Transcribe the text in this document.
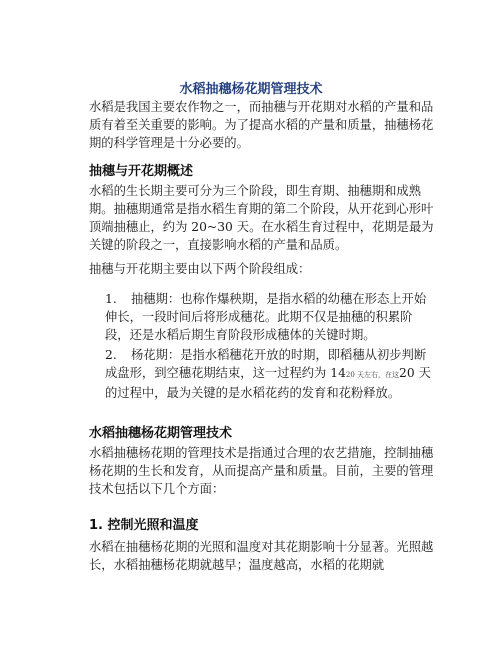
水稻抽穗杨花期管理技术

水稻是我国主要农作物之一，而抽穗与开花期对水稻的产量和品质有着至关重要的影响。为了提高水稻的产量和质量，抽穗杨花期的科学管理是十分必要的。

抽穗与开花期概述

水稻的生长期主要可分为三个阶段，即生育期、抽穗期和成熟期。抽穗期通常是指水稻生育期的第二个阶段，从开花到心形叶顶端抽穗止，约为 20~30 天。在水稻生育过程中，花期是最为关键的阶段之一，直接影响水稻的产量和品质。

抽穗与开花期主要由以下两个阶段组成：

1. 抽穗期：也称作爆秧期，是指水稻的幼穗在形态上开始伸长，一段时间后将形成穗花。此期不仅是抽穗的积累阶段，还是水稻后期生育阶段形成穗体的关键时期。
2. 杨花期：是指水稻穗花开放的时期，即稻穗从初步判断成盘形，到空穗花期结束，这一过程约为 1420 天左右，在这20 天的过程中，最为关键的是水稻花药的发育和花粉释放。
水稻抽穗杨花期管理技术

水稻抽穗杨花期的管理技术是指通过合理的农艺措施，控制抽穗杨花期的生长和发育，从而提高产量和质量。目前，主要的管理技术包括以下几个方面：

1. 控制光照和温度

水稻在抽穗杨花期的光照和温度对其花期影响十分显著。光照越长，水稻抽穗杨花期就越早；温度越高，水稻的花期就
